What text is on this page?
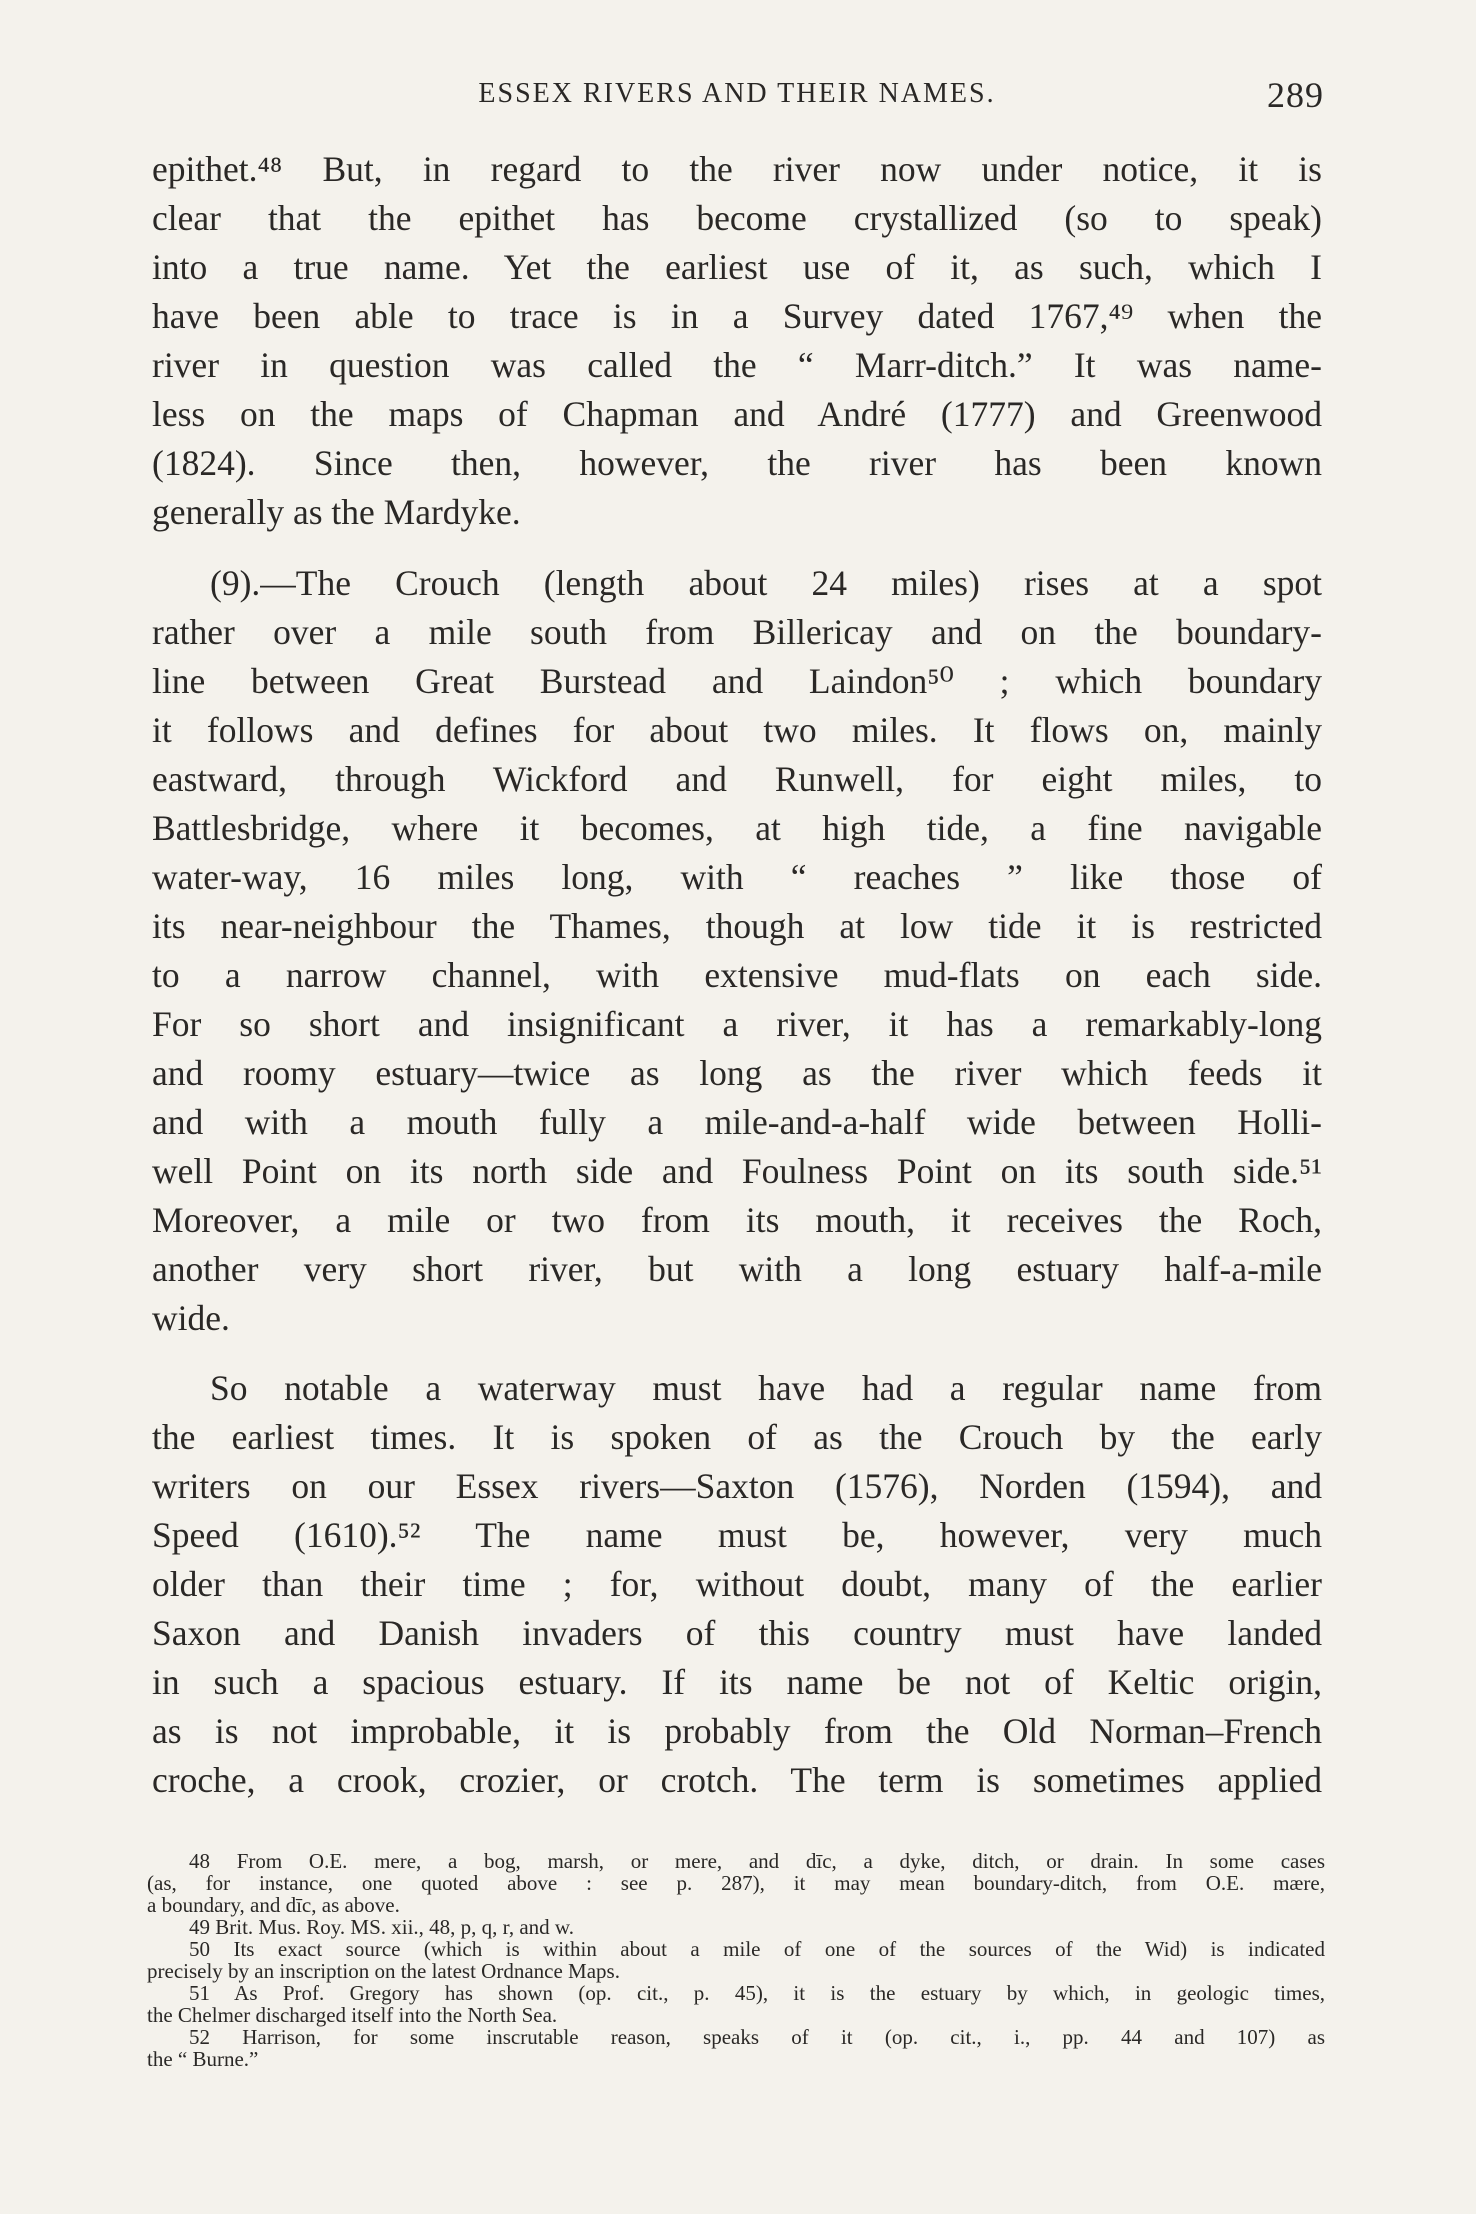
ESSEX RIVERS AND THEIR NAMES.	289
epithet.⁴⁸ But, in regard to the river now under notice, it is
clear that the epithet has become crystallized (so to speak)
into a true name. Yet the earliest use of it, as such, which I
have been able to trace is in a Survey dated 1767,⁴⁹ when the
river in question was called the “ Marr-ditch.” It was name-
less on the maps of Chapman and André (1777) and Greenwood
(1824). Since then, however, the river has been known
generally as the Mardyke.
(9).—The Crouch (length about 24 miles) rises at a spot
rather over a mile south from Billericay and on the boundary-
line between Great Burstead and Laindon⁵⁰ ; which boundary
it follows and defines for about two miles. It flows on, mainly
eastward, through Wickford and Runwell, for eight miles, to
Battlesbridge, where it becomes, at high tide, a fine navigable
water-way, 16 miles long, with “ reaches ” like those of
its near-neighbour the Thames, though at low tide it is restricted
to a narrow channel, with extensive mud-flats on each side.
For so short and insignificant a river, it has a remarkably-long
and roomy estuary—twice as long as the river which feeds it
and with a mouth fully a mile-and-a-half wide between Holli-
well Point on its north side and Foulness Point on its south side.⁵¹
Moreover, a mile or two from its mouth, it receives the Roch,
another very short river, but with a long estuary half-a-mile
wide.
So notable a waterway must have had a regular name from
the earliest times. It is spoken of as the Crouch by the early
writers on our Essex rivers—Saxton (1576), Norden (1594), and
Speed (1610).⁵² The name must be, however, very much
older than their time ; for, without doubt, many of the earlier
Saxon and Danish invaders of this country must have landed
in such a spacious estuary. If its name be not of Keltic origin,
as is not improbable, it is probably from the Old Norman–French
croche, a crook, crozier, or crotch. The term is sometimes applied
48 From O.E. mere, a bog, marsh, or mere, and dīc, a dyke, ditch, or drain. In some cases
(as, for instance, one quoted above : see p. 287), it may mean boundary-ditch, from O.E. mære,
a boundary, and dīc, as above.
49 Brit. Mus. Roy. MS. xii., 48, p, q, r, and w.
50 Its exact source (which is within about a mile of one of the sources of the Wid) is indicated
precisely by an inscription on the latest Ordnance Maps.
51 As Prof. Gregory has shown (op. cit., p. 45), it is the estuary by which, in geologic times,
the Chelmer discharged itself into the North Sea.
52 Harrison, for some inscrutable reason, speaks of it (op. cit., i., pp. 44 and 107) as
the “ Burne.”
